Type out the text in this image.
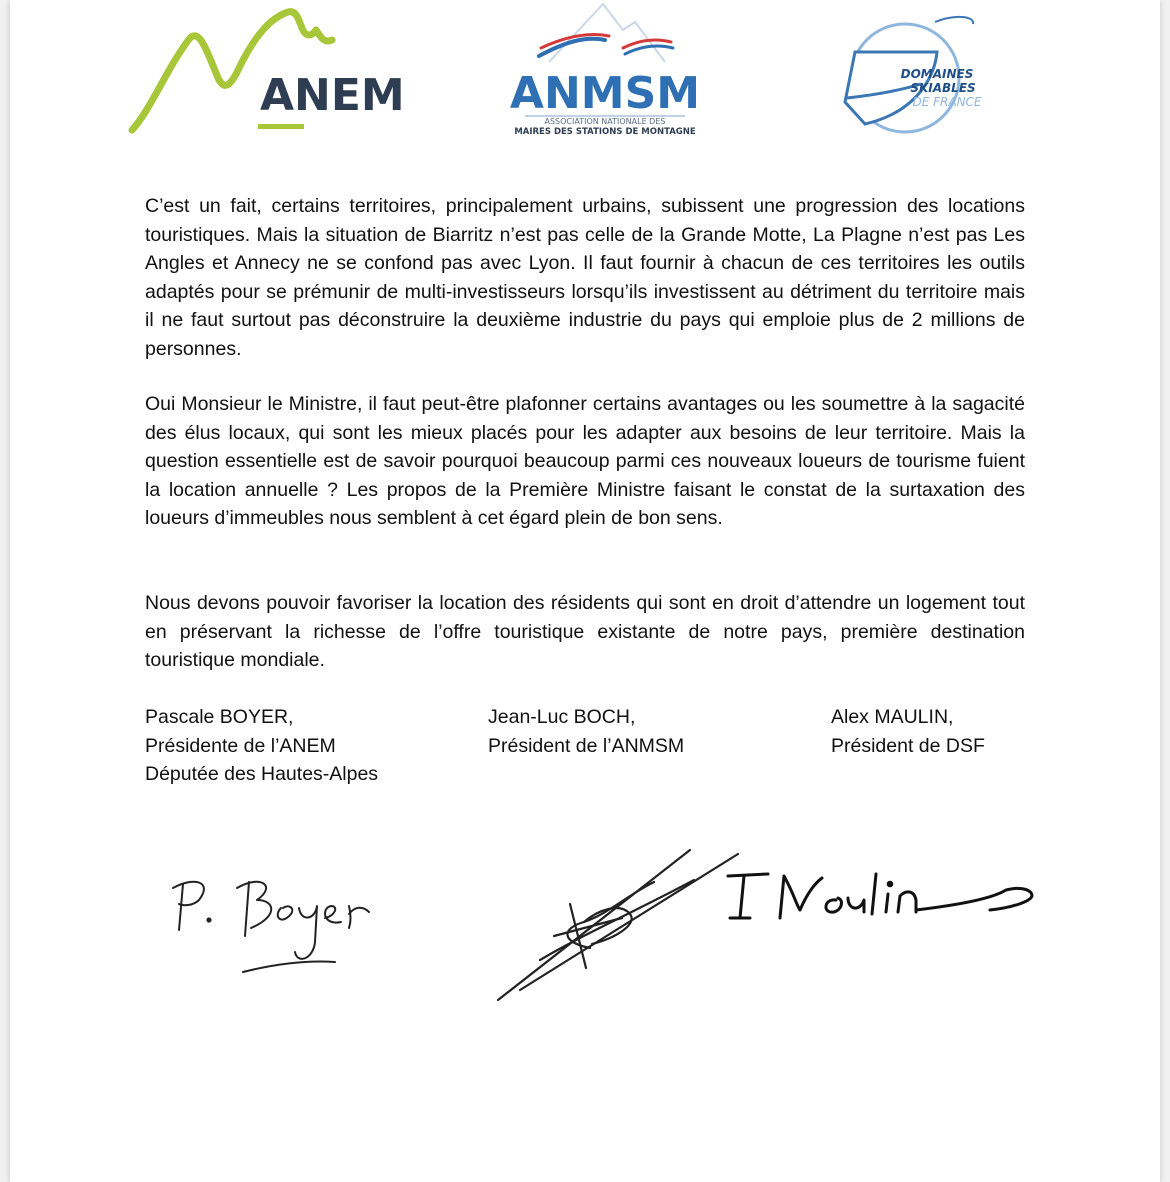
ANEM ANMSM
ASSOCIATION NATIONALE DES
MAIRES DES STATIONS DE MONTAGNE
DOMAINES
SKIABLES
DE FRANCE

C’est un fait, certains territoires, principalement urbains, subissent une progression des locations touristiques. Mais la situation de Biarritz n’est pas celle de la Grande Motte, La Plagne n’est pas Les Angles et Annecy ne se confond pas avec Lyon. Il faut fournir à chacun de ces territoires les outils adaptés pour se prémunir de multi-investisseurs lorsqu’ils investissent au détriment du territoire mais il ne faut surtout pas déconstruire la deuxième industrie du pays qui emploie plus de 2 millions de personnes.

Oui Monsieur le Ministre, il faut peut-être plafonner certains avantages ou les soumettre à la sagacité des élus locaux, qui sont les mieux placés pour les adapter aux besoins de leur territoire. Mais la question essentielle est de savoir pourquoi beaucoup parmi ces nouveaux loueurs de tourisme fuient la location annuelle ? Les propos de la Première Ministre faisant le constat de la surtaxation des loueurs d’immeubles nous semblent à cet égard plein de bon sens.

Nous devons pouvoir favoriser la location des résidents qui sont en droit d’attendre un logement tout en préservant la richesse de l’offre touristique existante de notre pays, première destination touristique mondiale.

Pascale BOYER,
Présidente de l’ANEM
Députée des Hautes-Alpes
Jean-Luc BOCH,
Président de l’ANMSM
Alex MAULIN,
Président de DSF
